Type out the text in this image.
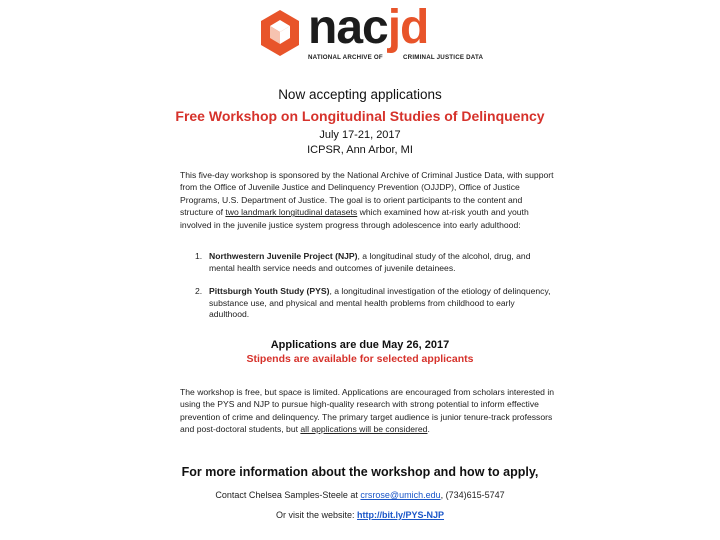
nacjd
NATIONAL ARCHIVE OF	CRIMINAL JUSTICE DATA
Now accepting applications
Free Workshop on Longitudinal Studies of Delinquency
July 17-21, 2017
ICPSR, Ann Arbor, MI
This five-day workshop is sponsored by the National Archive of Criminal Justice Data, with support from the Office of Juvenile Justice and Delinquency Prevention (OJJDP), Office of Justice Programs, U.S. Department of Justice. The goal is to orient participants to the content and structure of two landmark longitudinal datasets which examined how at-risk youth and youth involved in the juvenile justice system progress through adolescence into early adulthood:
1. Northwestern Juvenile Project (NJP), a longitudinal study of the alcohol, drug, and mental health service needs and outcomes of juvenile detainees.
2. Pittsburgh Youth Study (PYS), a longitudinal investigation of the etiology of delinquency, substance use, and physical and mental health problems from childhood to early adulthood.
Applications are due May 26, 2017
Stipends are available for selected applicants
The workshop is free, but space is limited. Applications are encouraged from scholars interested in using the PYS and NJP to pursue high-quality research with strong potential to inform effective prevention of crime and delinquency. The primary target audience is junior tenure-track professors and post-doctoral students, but all applications will be considered.
For more information about the workshop and how to apply,
Contact Chelsea Samples-Steele at crsrose@umich.edu, (734)615-5747
Or visit the website: http://bit.ly/PYS-NJP
